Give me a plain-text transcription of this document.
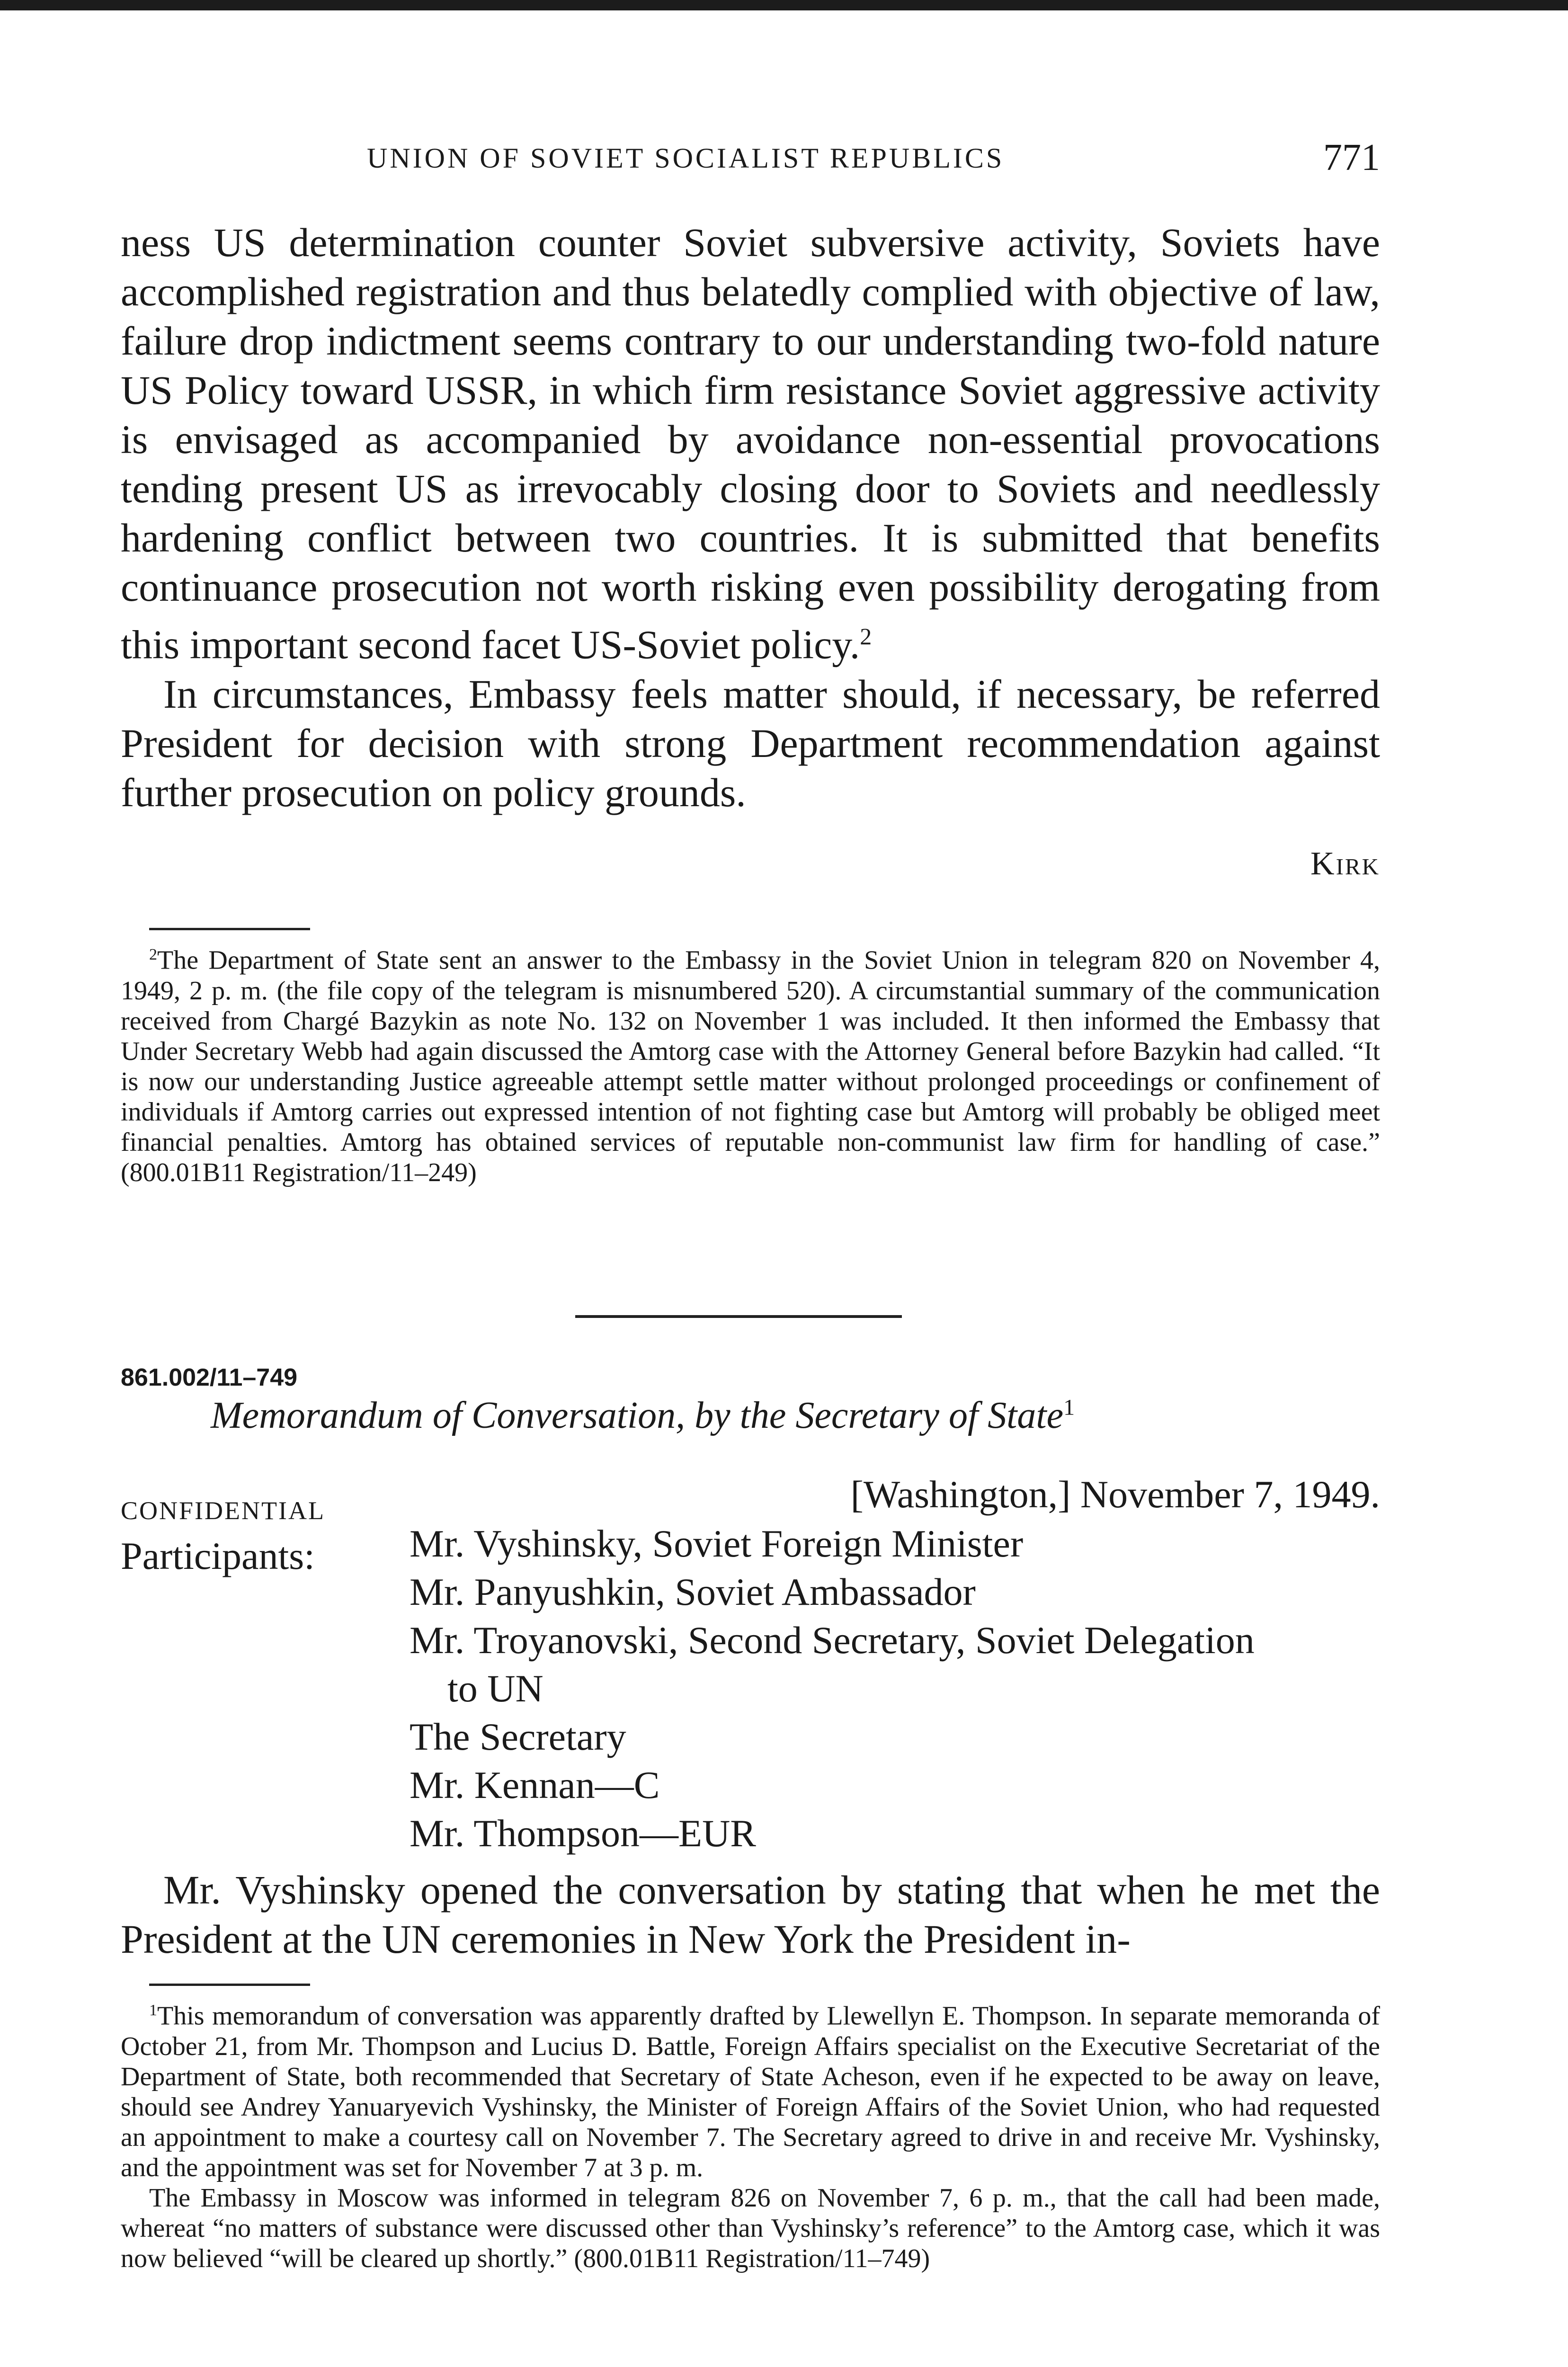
UNION OF SOVIET SOCIALIST REPUBLICS	771

ness US determination counter Soviet subversive activity, Soviets have accomplished registration and thus belatedly complied with objective of law, failure drop indictment seems contrary to our understanding two-fold nature US Policy toward USSR, in which firm resistance Soviet aggressive activity is envisaged as accompanied by avoidance non-essential provocations tending present US as irrevocably closing door to Soviets and needlessly hardening conflict between two countries. It is submitted that benefits continuance prosecution not worth risking even possibility derogating from this important second facet US-Soviet policy.$^2$

In circumstances, Embassy feels matter should, if necessary, be referred President for decision with strong Department recommendation against further prosecution on policy grounds.

Kirk

$^2$The Department of State sent an answer to the Embassy in the Soviet Union in telegram 820 on November 4, 1949, 2 p. m. (the file copy of the telegram is misnumbered 520). A circumstantial summary of the communication received from Chargé Bazykin as note No. 132 on November 1 was included. It then informed the Embassy that Under Secretary Webb had again discussed the Amtorg case with the Attorney General before Bazykin had called. “It is now our understanding Justice agreeable attempt settle matter without prolonged proceedings or confinement of individuals if Amtorg carries out expressed intention of not fighting case but Amtorg will probably be obliged meet financial penalties. Amtorg has obtained services of reputable non-communist law firm for handling of case.” (800.01B11 Registration/11–249)

861.002/11–749
Memorandum of Conversation, by the Secretary of State$^1$
[Washington,] November 7, 1949.
CONFIDENTIAL
Participants: Mr. Vyshinsky, Soviet Foreign Minister
Mr. Panyushkin, Soviet Ambassador
Mr. Troyanovski, Second Secretary, Soviet Delegation
to UN
The Secretary
Mr. Kennan—C
Mr. Thompson—EUR

Mr. Vyshinsky opened the conversation by stating that when he met the President at the UN ceremonies in New York the President in-

$^1$This memorandum of conversation was apparently drafted by Llewellyn E. Thompson. In separate memoranda of October 21, from Mr. Thompson and Lucius D. Battle, Foreign Affairs specialist on the Executive Secretariat of the Department of State, both recommended that Secretary of State Acheson, even if he expected to be away on leave, should see Andrey Yanuaryevich Vyshinsky, the Minister of Foreign Affairs of the Soviet Union, who had requested an appointment to make a courtesy call on November 7. The Secretary agreed to drive in and receive Mr. Vyshinsky, and the appointment was set for November 7 at 3 p. m.

The Embassy in Moscow was informed in telegram 826 on November 7, 6 p. m., that the call had been made, whereat “no matters of substance were discussed other than Vyshinsky’s reference” to the Amtorg case, which it was now believed “will be cleared up shortly.” (800.01B11 Registration/11–749)
